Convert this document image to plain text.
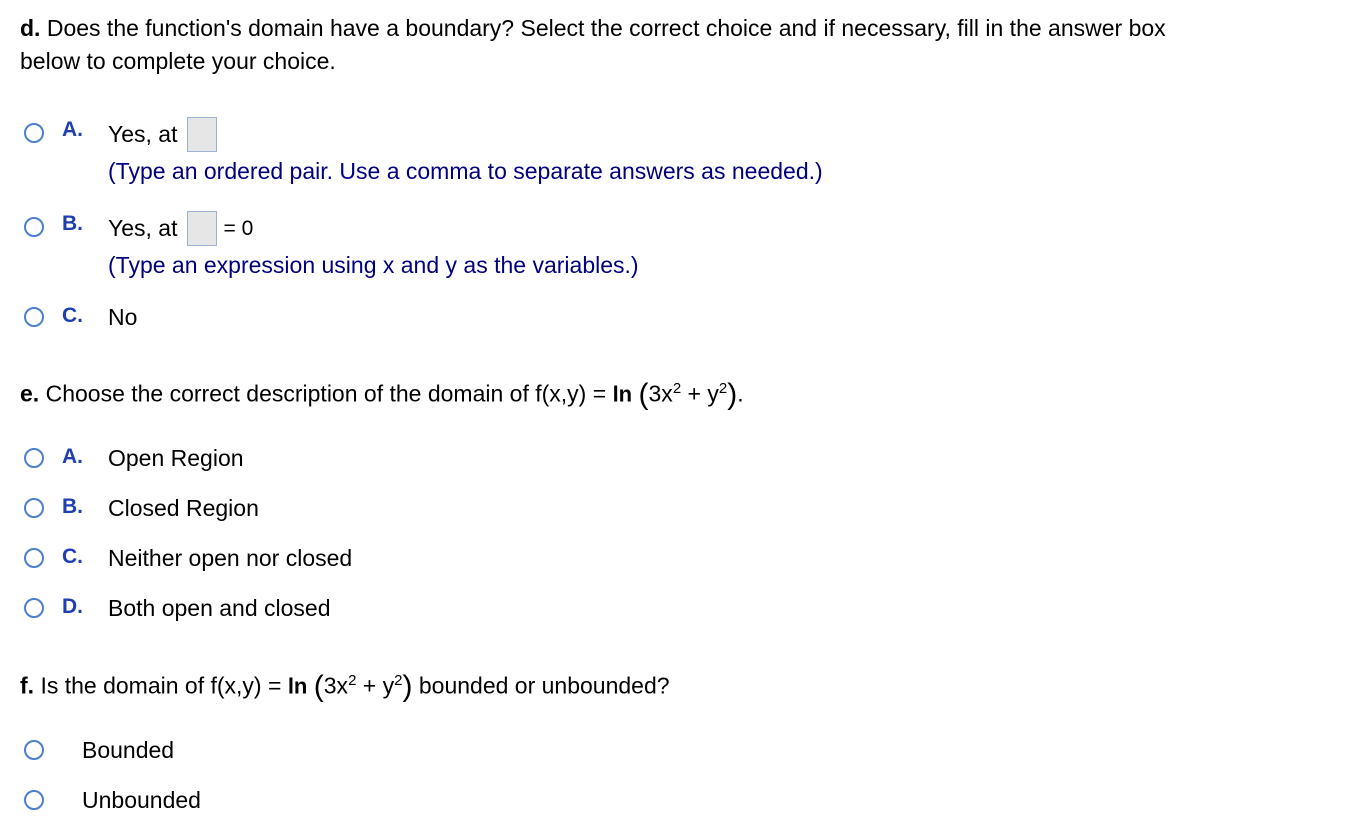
d. Does the function's domain have a boundary? Select the correct choice and if necessary, fill in the answer box
below to complete your choice.
A. Yes, at
(Type an ordered pair. Use a comma to separate answers as needed.)
B. Yes, at = 0
(Type an expression using x and y as the variables.)
C. No
e. Choose the correct description of the domain of $f(x,y) = \ln (3x^2 + y^2)$.
A. Open Region
B. Closed Region
C. Neither open nor closed
D. Both open and closed
f. Is the domain of $f(x,y) = \ln (3x^2 + y^2)$ bounded or unbounded?
Bounded
Unbounded
